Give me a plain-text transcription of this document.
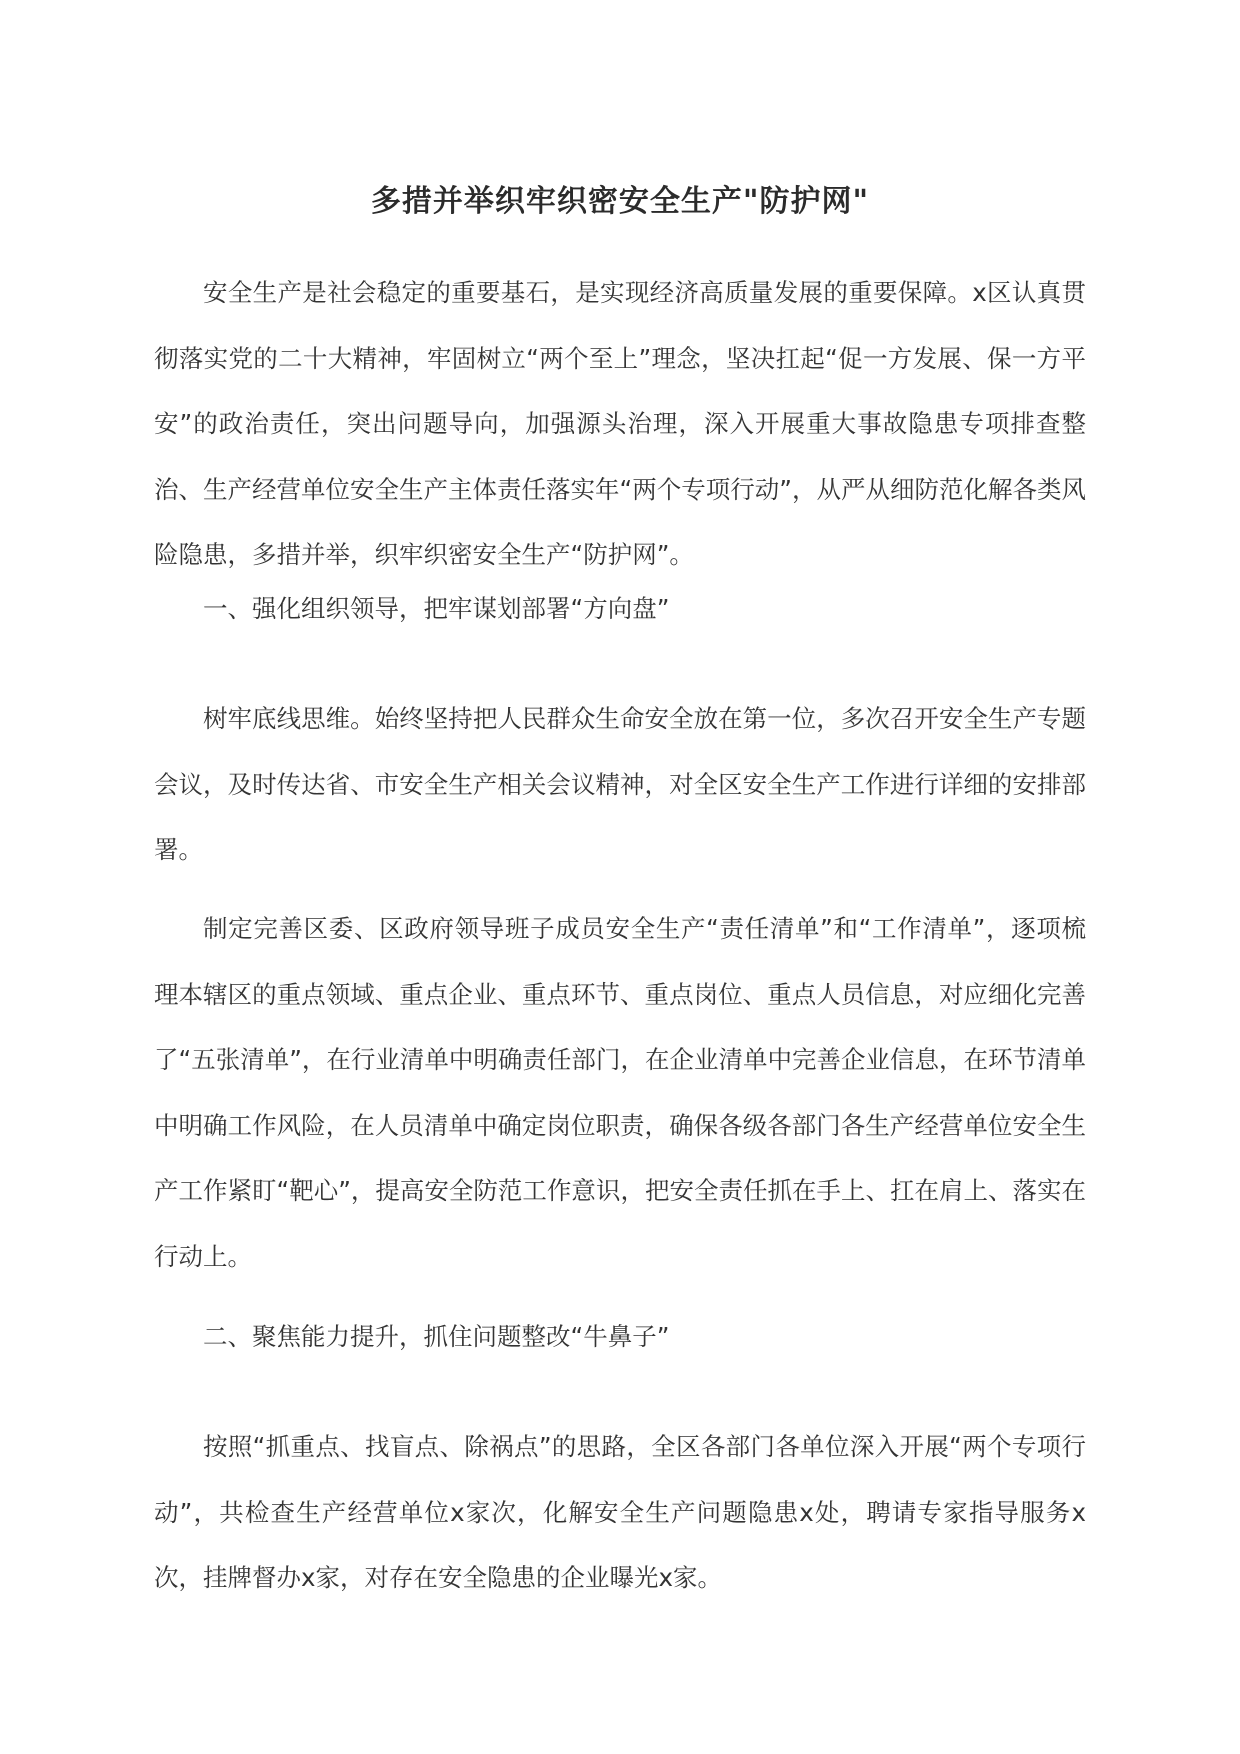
多措并举织牢织密安全生产"防护网"

安全生产是社会稳定的重要基石，是实现经济高质量发展的重要保障。x区认真贯彻落实党的二十大精神，牢固树立“两个至上”理念，坚决扛起“促一方发展、保一方平安”的政治责任，突出问题导向，加强源头治理，深入开展重大事故隐患专项排查整治、生产经营单位安全生产主体责任落实年“两个专项行动”，从严从细防范化解各类风险隐患，多措并举，织牢织密安全生产“防护网”。

一、强化组织领导，把牢谋划部署“方向盘”

树牢底线思维。始终坚持把人民群众生命安全放在第一位，多次召开安全生产专题会议，及时传达省、市安全生产相关会议精神，对全区安全生产工作进行详细的安排部署。

制定完善区委、区政府领导班子成员安全生产“责任清单”和“工作清单”，逐项梳理本辖区的重点领域、重点企业、重点环节、重点岗位、重点人员信息，对应细化完善了“五张清单”，在行业清单中明确责任部门，在企业清单中完善企业信息，在环节清单中明确工作风险，在人员清单中确定岗位职责，确保各级各部门各生产经营单位安全生产工作紧盯“靶心”，提高安全防范工作意识，把安全责任抓在手上、扛在肩上、落实在行动上。

二、聚焦能力提升，抓住问题整改“牛鼻子”

按照“抓重点、找盲点、除祸点”的思路，全区各部门各单位深入开展“两个专项行动”，共检查生产经营单位x家次，化解安全生产问题隐患x处，聘请专家指导服务x次，挂牌督办x家，对存在安全隐患的企业曝光x家。
